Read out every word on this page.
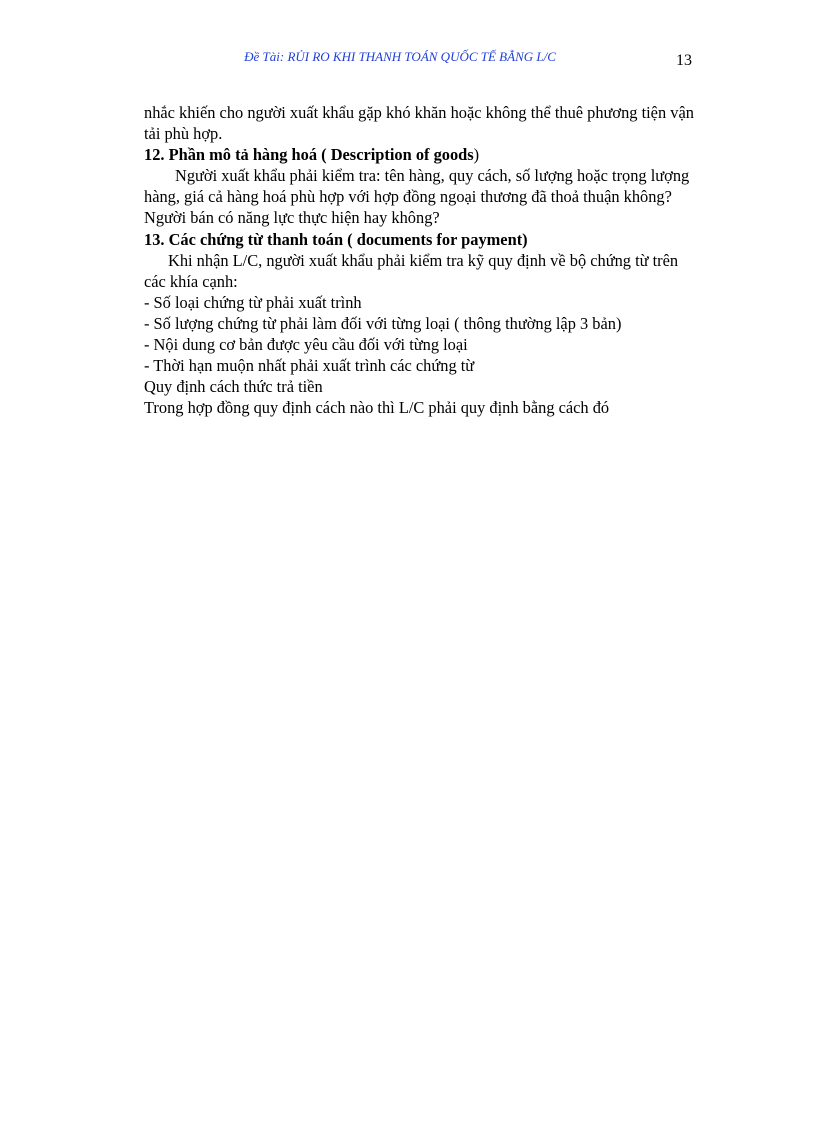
Đề Tài: RỦI RO KHI THANH TOÁN QUỐC TẾ BẰNG L/C	13
nhắc khiến cho người xuất khẩu gặp khó khăn hoặc không thể thuê phương tiện vận
tải phù hợp.
12. Phần mô tả hàng hoá ( Description of goods)
Người xuất khẩu phải kiểm tra: tên hàng, quy cách, số lượng hoặc trọng lượng
hàng, giá cả hàng hoá phù hợp với hợp đồng ngoại thương đã thoả thuận không?
Người bán có năng lực thực hiện hay không?
13. Các chứng từ thanh toán ( documents for payment)
Khi nhận L/C, người xuất khẩu phải kiểm tra kỹ quy định về bộ chứng từ trên
các khía cạnh:
- Số loại chứng từ phải xuất trình
- Số lượng chứng từ phải làm đối với từng loại ( thông thường lập 3 bản)
- Nội dung cơ bản được yêu cầu đối với từng loại
- Thời hạn muộn nhất phải xuất trình các chứng từ
Quy định cách thức trả tiền
Trong hợp đồng quy định cách nào thì L/C phải quy định bằng cách đó
